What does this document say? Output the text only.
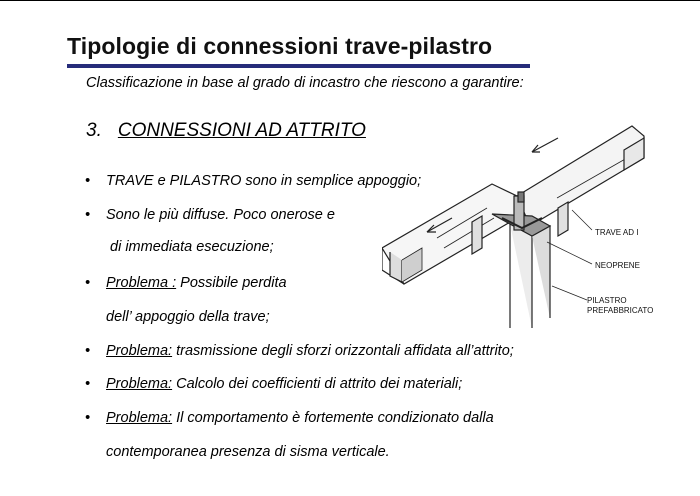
Tipologie di connessioni trave-pilastro
Classificazione in base al grado di incastro che riescono a garantire:
3. CONNESSIONI AD ATTRITO
• TRAVE e PILASTRO sono in semplice appoggio;
• Sono le più diffuse. Poco onerose e
di immediata esecuzione;
• Problema : Possibile perdita
dell’ appoggio della trave;
• Problema: trasmissione degli sforzi orizzontali affidata all’attrito;
• Problema: Calcolo dei coefficienti di attrito dei materiali;
• Problema: Il comportamento è fortemente condizionato dalla
contemporanea presenza di sisma verticale.
TRAVE AD I
NEOPRENE
PILASTRO
PREFABBRICATO
